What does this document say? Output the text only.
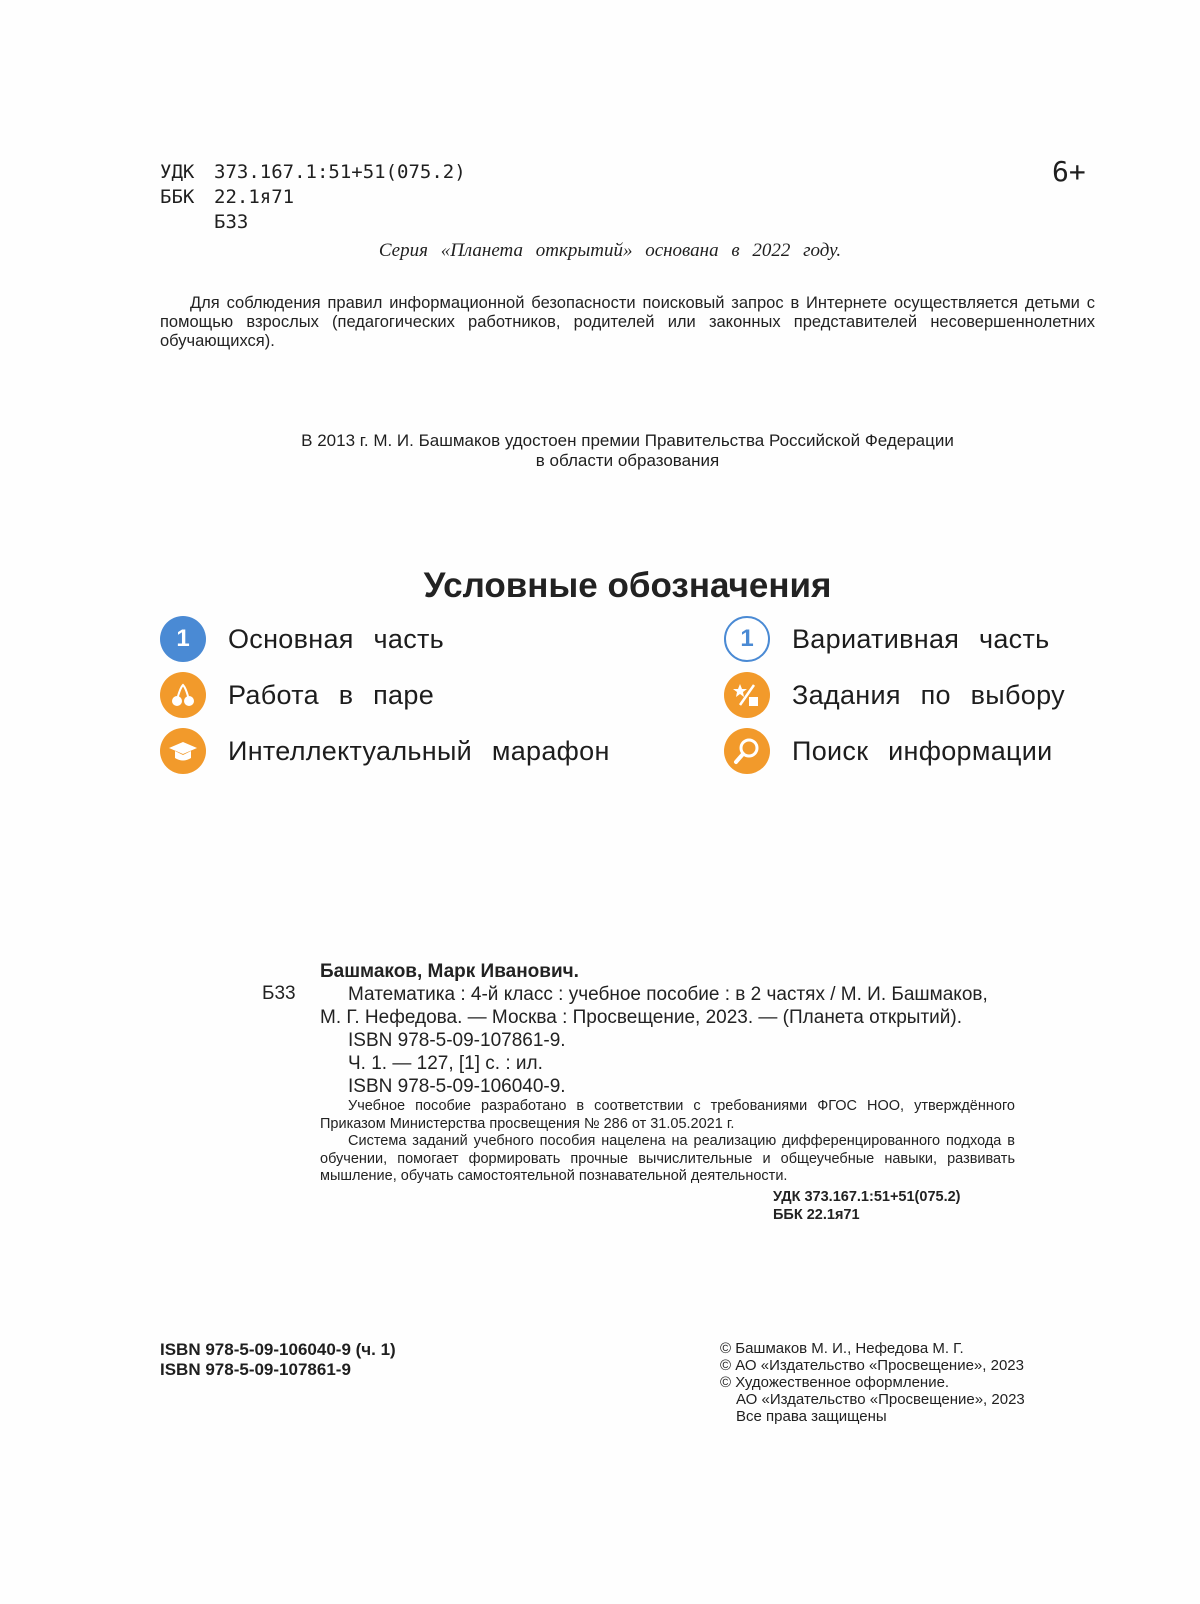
УДК 373.167.1:51+51(075.2)
ББК 22.1я71
Б33
6+
Серия «Планета открытий» основана в 2022 году.
Для соблюдения правил информационной безопасности поисковый запрос в Интернете осуществляется детьми с помощью взрослых (педагогических работников, родителей или законных представителей несовершеннолетних обучающихся).
В 2013 г. М. И. Башмаков удостоен премии Правительства Российской Федерации
в области образования
Условные обозначения
1	Основная часть	1	Вариативная часть
Работа в паре	Задания по выбору
Интеллектуальный марафон	Поиск информации
Башмаков, Марк Иванович.
Б33	Математика : 4-й класс : учебное пособие : в 2 частях / М. И. Башмаков,
М. Г. Нефедова. — Москва : Просвещение, 2023. — (Планета открытий).
ISBN 978-5-09-107861-9.
Ч. 1. — 127, [1] с. : ил.
ISBN 978-5-09-106040-9.
Учебное пособие разработано в соответствии с требованиями ФГОС НОО, утверждённого Приказом Министерства просвещения № 286 от 31.05.2021 г.
Система заданий учебного пособия нацелена на реализацию дифференцированного подхода в обучении, помогает формировать прочные вычислительные и общеучебные навыки, развивать мышление, обучать самостоятельной познавательной деятельности.
УДК 373.167.1:51+51(075.2)
ББК 22.1я71
ISBN 978-5-09-106040-9 (ч. 1)
ISBN 978-5-09-107861-9
© Башмаков М. И., Нефедова М. Г.
© АО «Издательство «Просвещение», 2023
© Художественное оформление.
АО «Издательство «Просвещение», 2023
Все права защищены
